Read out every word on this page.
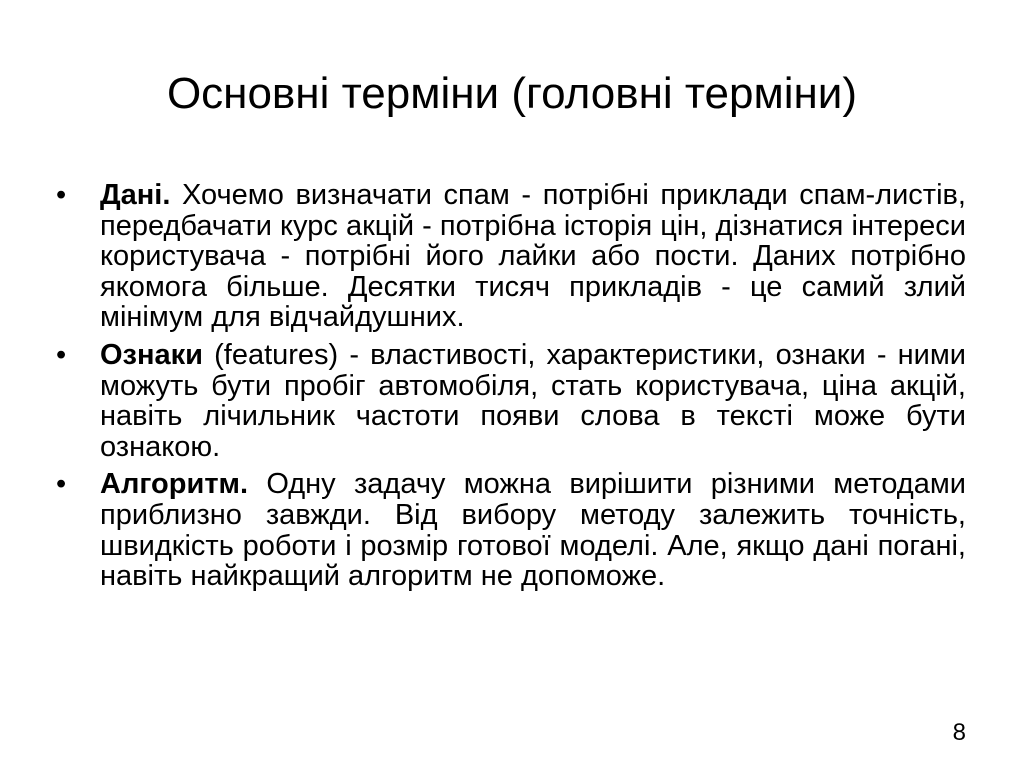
Основні терміни (головні терміни)
•	Дані. Хочемо визначати спам - потрібні приклади спам-листів, передбачати курс акцій - потрібна історія цін, дізнатися інтереси користувача - потрібні його лайки або пости. Даних потрібно якомога більше. Десятки тисяч прикладів - це самий злий мінімум для відчайдушних.
•	Ознаки (features) - властивості, характеристики, ознаки - ними можуть бути пробіг автомобіля, стать користувача, ціна акцій, навіть лічильник частоти появи слова в тексті може бути ознакою.
•	Алгоритм. Одну задачу можна вирішити різними методами приблизно завжди. Від вибору методу залежить точність, швидкість роботи і розмір готової моделі. Але, якщо дані погані, навіть найкращий алгоритм не допоможе.
8
